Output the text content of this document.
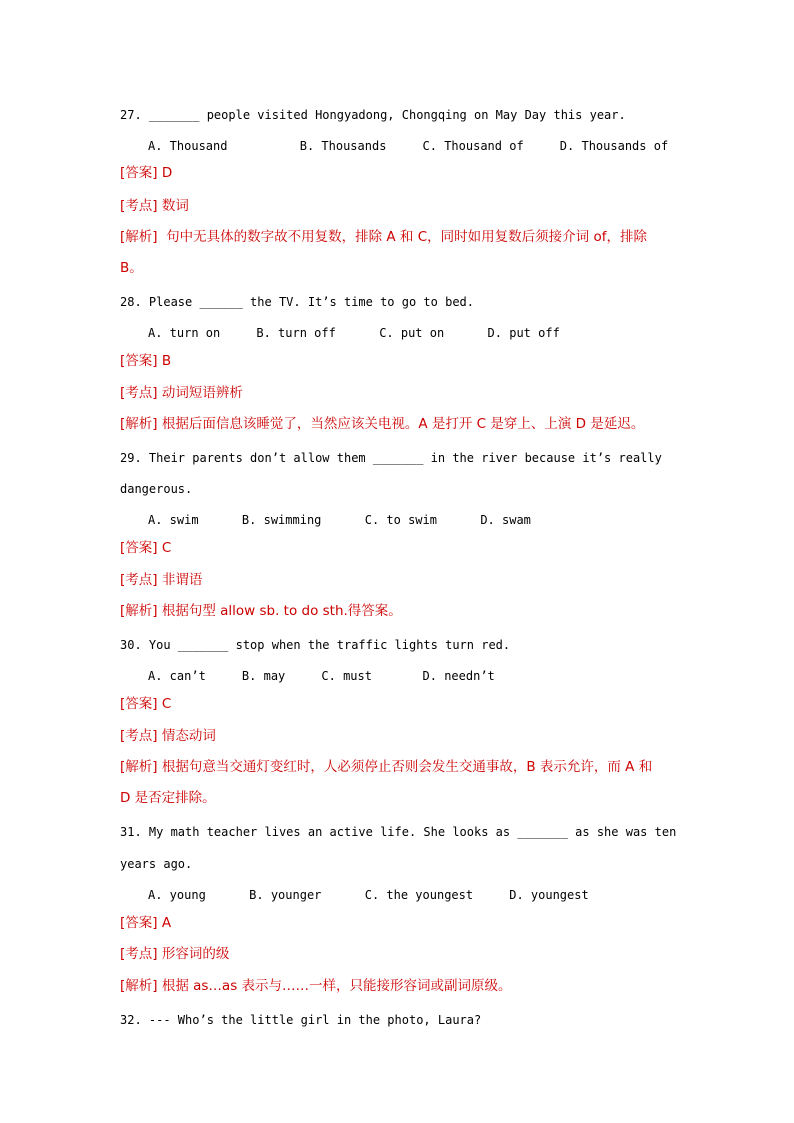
27. _______ people visited Hongyadong, Chongqing on May Day this year.
A. Thousand          B. Thousands     C. Thousand of     D. Thousands of
[答案] D
[考点] 数词
[解析]  句中无具体的数字故不用复数，排除 A 和 C，同时如用复数后须接介词 of，排除
B。
28. Please ______ the TV. It’s time to go to bed.
A. turn on     B. turn off      C. put on      D. put off
[答案] B
[考点] 动词短语辨析
[解析] 根据后面信息该睡觉了，当然应该关电视。A 是打开 C 是穿上、上演 D 是延迟。
29. Their parents don’t allow them _______ in the river because it’s really
dangerous.
A. swim      B. swimming      C. to swim      D. swam
[答案] C
[考点] 非谓语
[解析] 根据句型 allow sb. to do sth.得答案。
30. You _______ stop when the traffic lights turn red.
A. can’t     B. may     C. must       D. needn’t
[答案] C
[考点] 情态动词
[解析] 根据句意当交通灯变红时，人必须停止否则会发生交通事故，B 表示允许，而 A 和
D 是否定排除。
31. My math teacher lives an active life. She looks as _______ as she was ten
years ago.
A. young      B. younger      C. the youngest     D. youngest
[答案] A
[考点] 形容词的级
[解析] 根据 as…as 表示与……一样，只能接形容词或副词原级。
32. --- Who’s the little girl in the photo, Laura?
